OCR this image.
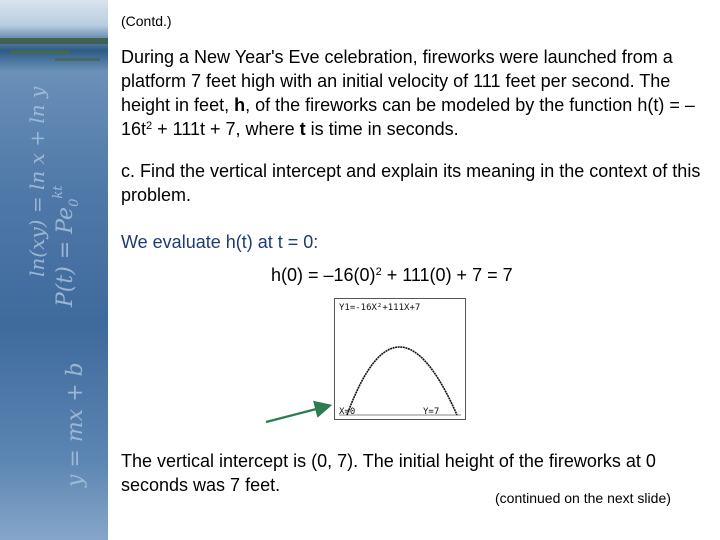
ln(xy) = ln x + ln y $P(t) = Pe_0^{kt}$
y = mx + b
(Contd.)
During a New Year's Eve celebration, fireworks were launched from a platform 7 feet high with an initial velocity of 111 feet per second. The height in feet, h, of the fireworks can be modeled by the function $h(t) = -16t^2 + 111t + 7$, where t is time in seconds.
c. Find the vertical intercept and explain its meaning in the context of this problem.
We evaluate h(t) at t = 0:
$h(0) = -16(0)^2 + 111(0) + 7 = 7$
Y1=-16X²+111X+7
X=0	Y=7
The vertical intercept is (0, 7). The initial height of the fireworks at 0 seconds was 7 feet.
(continued on the next slide)
